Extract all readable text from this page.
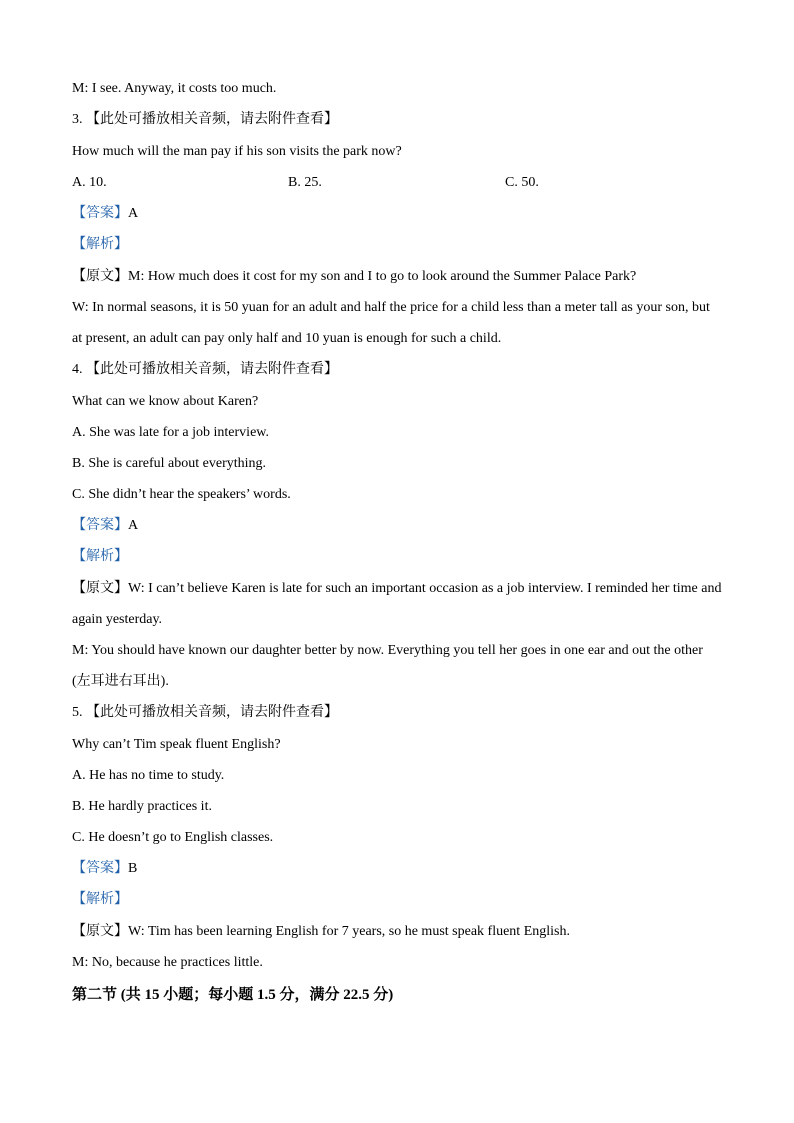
M: I see. Anyway, it costs too much.
3. 【此处可播放相关音频，请去附件查看】
How much will the man pay if his son visits the park now?
A. 10.	B. 25.	C. 50.
【答案】A
【解析】
【原文】M: How much does it cost for my son and I to go to look around the Summer Palace Park?
W: In normal seasons, it is 50 yuan for an adult and half the price for a child less than a meter tall as your son, but
at present, an adult can pay only half and 10 yuan is enough for such a child.
4. 【此处可播放相关音频，请去附件查看】
What can we know about Karen?
A. She was late for a job interview.
B. She is careful about everything.
C. She didn’t hear the speakers’ words.
【答案】A
【解析】
【原文】W: I can’t believe Karen is late for such an important occasion as a job interview. I reminded her time and
again yesterday.
M: You should have known our daughter better by now. Everything you tell her goes in one ear and out the other
(左耳进右耳出).
5. 【此处可播放相关音频，请去附件查看】
Why can’t Tim speak fluent English?
A. He has no time to study.
B. He hardly practices it.
C. He doesn’t go to English classes.
【答案】B
【解析】
【原文】W: Tim has been learning English for 7 years, so he must speak fluent English.
M: No, because he practices little.
第二节 (共 15 小题；每小题 1.5 分，满分 22.5 分)
